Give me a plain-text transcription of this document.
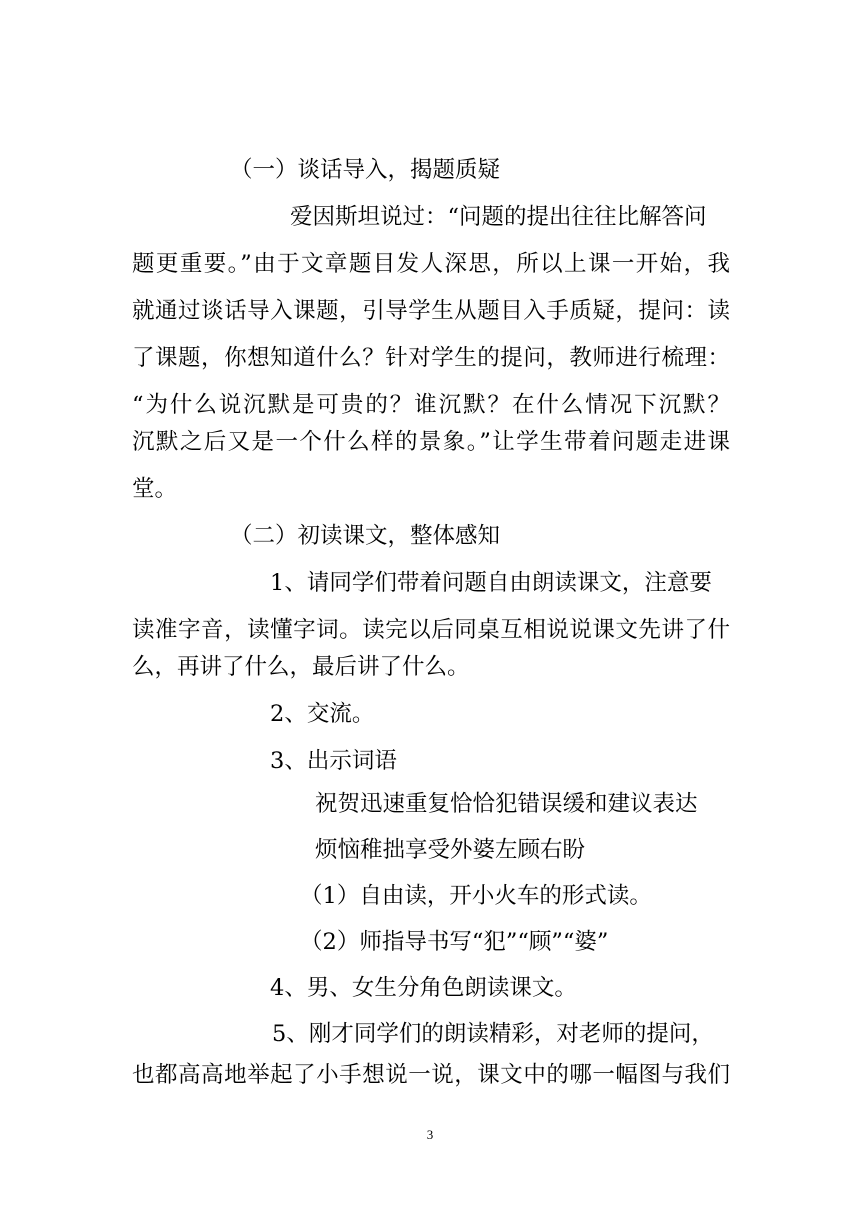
（一）谈话导入，揭题质疑

爱因斯坦说过：“问题的提出往往比解答问

题更重要。”由于文章题目发人深思，所以上课一开始，我

就通过谈话导入课题，引导学生从题目入手质疑，提问：读

了课题，你想知道什么？针对学生的提问，教师进行梳理：

“为什么说沉默是可贵的？谁沉默？在什么情况下沉默？

沉默之后又是一个什么样的景象。”让学生带着问题走进课

堂。

（二）初读课文，整体感知

1、请同学们带着问题自由朗读课文，注意要

读准字音，读懂字词。读完以后同桌互相说说课文先讲了什

么，再讲了什么，最后讲了什么。

2、交流。

3、出示词语

祝贺迅速重复恰恰犯错误缓和建议表达

烦恼稚拙享受外婆左顾右盼

（1）自由读，开小火车的形式读。

（2）师指导书写“犯”“顾”“婆”

4、男、女生分角色朗读课文。

5、刚才同学们的朗读精彩，对老师的提问，

也都高高地举起了小手想说一说，课文中的哪一幅图与我们

3
